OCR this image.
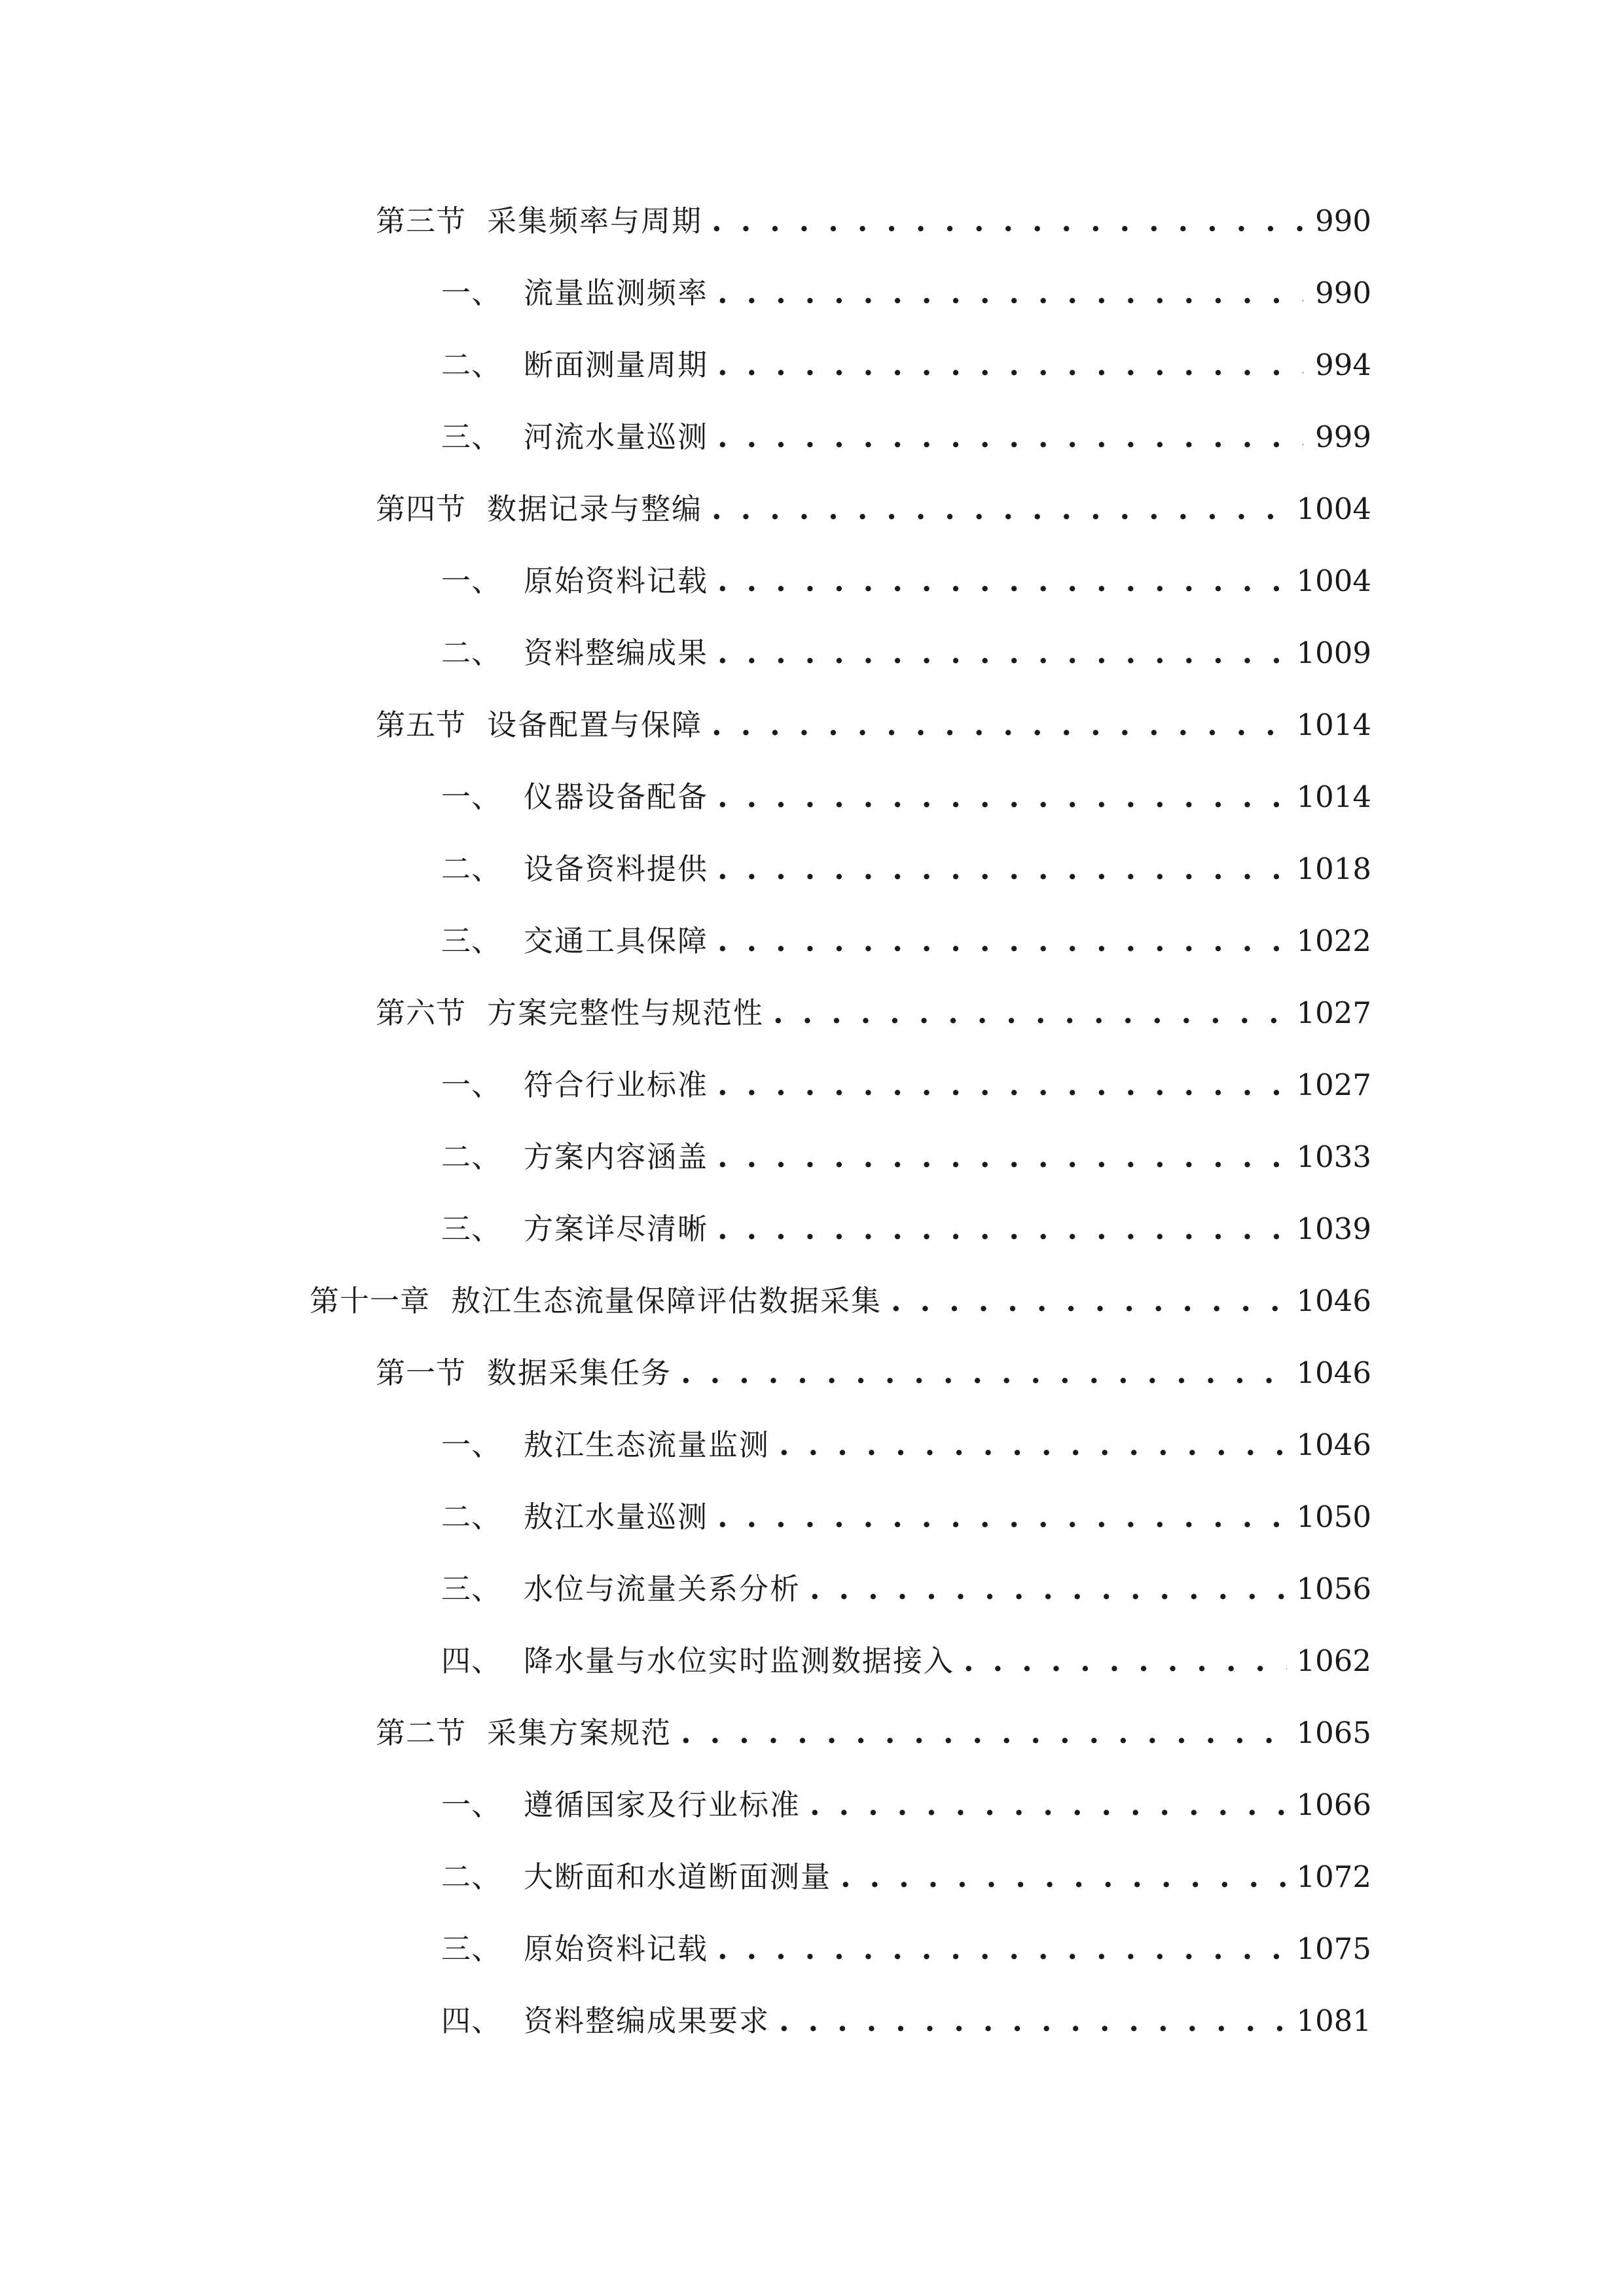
第三节 采集频率与周期 . . .	990
一、 流量监测频率 . . .	990
二、 断面测量周期 . . .	994
三、 河流水量巡测 . . .	999
第四节 数据记录与整编 . . .	1004
一、 原始资料记载 . . .	1004
二、 资料整编成果 . . .	1009
第五节 设备配置与保障 . . .	1014
一、 仪器设备配备 . . .	1014
二、 设备资料提供 . . .	1018
三、 交通工具保障 . . .	1022
第六节 方案完整性与规范性 . . .	1027
一、 符合行业标准 . . .	1027
二、 方案内容涵盖 . . .	1033
三、 方案详尽清晰 . . .	1039
第十一章 敖江生态流量保障评估数据采集 . . .	1046
第一节 数据采集任务 . . .	1046
一、 敖江生态流量监测 . . .	1046
二、 敖江水量巡测 . . .	1050
三、 水位与流量关系分析 . . .	1056
四、 降水量与水位实时监测数据接入 . . .	1062
第二节 采集方案规范 . . .	1065
一、 遵循国家及行业标准 . . .	1066
二、 大断面和水道断面测量 . . .	1072
三、 原始资料记载 . . .	1075
四、 资料整编成果要求 . . .	1081
